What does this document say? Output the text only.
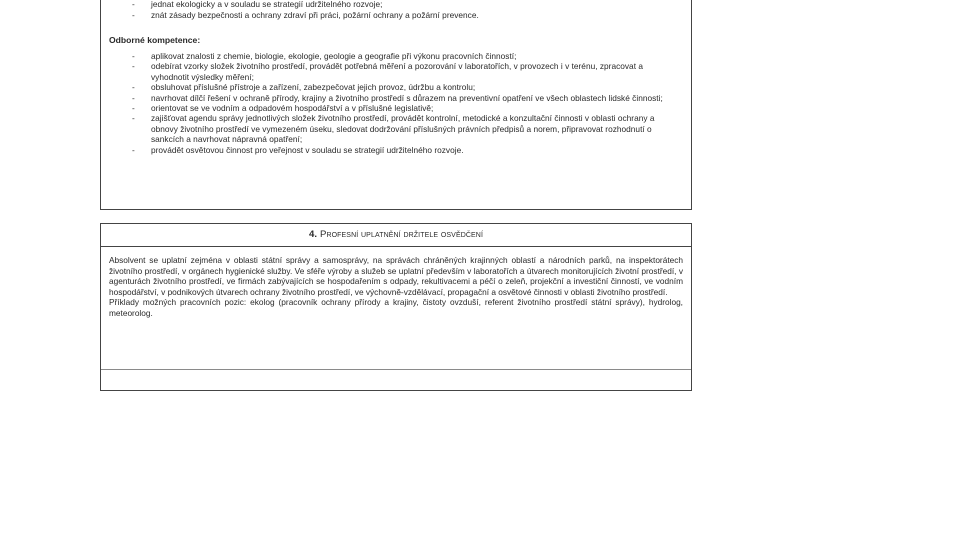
- jednat ekologicky a v souladu se strategií udržitelného rozvoje;
- znát zásady bezpečnosti a ochrany zdraví při práci, požární ochrany a požární prevence.
Odborné kompetence:
- aplikovat znalosti z chemie, biologie, ekologie, geologie a geografie při výkonu pracovních činností;
- odebírat vzorky složek životního prostředí, provádět potřebná měření a pozorování v laboratořích, v provozech i v terénu, zpracovat a vyhodnotit výsledky měření;
- obsluhovat příslušné přístroje a zařízení, zabezpečovat jejich provoz, údržbu a kontrolu;
- navrhovat dílčí řešení v ochraně přírody, krajiny a životního prostředí s důrazem na preventivní opatření ve všech oblastech lidské činnosti;
- orientovat se ve vodním a odpadovém hospodářství a v příslušné legislativě;
- zajišťovat agendu správy jednotlivých složek životního prostředí, provádět kontrolní, metodické a konzultační činnosti v oblasti ochrany a obnovy životního prostředí ve vymezeném úseku, sledovat dodržování příslušných právních předpisů a norem, připravovat rozhodnutí o sankcích a navrhovat nápravná opatření;
- provádět osvětovou činnost pro veřejnost v souladu se strategií udržitelného rozvoje.
4. Profesní uplatnění držitele osvědčení

Absolvent se uplatní zejména v oblasti státní správy a samosprávy, na správách chráněných krajinných oblastí a národních parků, na inspektorátech životního prostředí, v orgánech hygienické služby. Ve sféře výroby a služeb se uplatní především v laboratořích a útvarech monitorujících životní prostředí, v agenturách životního prostředí, ve firmách zabývajících se hospodařením s odpady, rekultivacemi a péčí o zeleň, projekční a investiční činností, ve vodním hospodářství, v podnikových útvarech ochrany životního prostředí, ve výchovně-vzdělávací, propagační a osvětové činnosti v oblasti životního prostředí.

Příklady možných pracovních pozic: ekolog (pracovník ochrany přírody a krajiny, čistoty ovzduší, referent životního prostředí státní správy), hydrolog, meteorolog.
